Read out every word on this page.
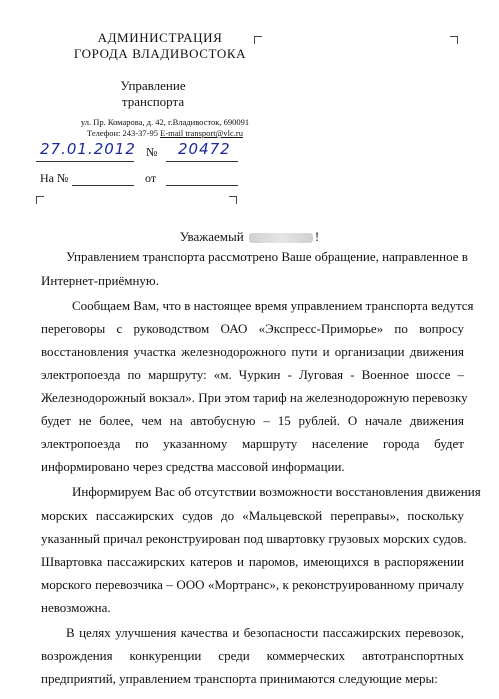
АДМИНИСТРАЦИЯ
ГОРОДА ВЛАДИВОСТОКА
Управление
транспорта
ул. Пр. Комарова, д. 42, г.Владивосток, 690091
Телефон: 243-37-95 E-mail transport@vlc.ru
27.01.2012 № 20472
На №	от
Уважаемый	!
Управлением транспорта рассмотрено Ваше обращение, направленное в
Интернет-приёмную.
Сообщаем Вам, что в настоящее время управлением транспорта ведутся
переговоры с руководством ОАО «Экспресс-Приморье» по вопросу
восстановления участка железнодорожного пути и организации движения
электропоезда по маршруту: «м. Чуркин - Луговая - Военное шоссе –
Железнодорожный вокзал». При этом тариф на железнодорожную перевозку
будет не более, чем на автобусную – 15 рублей. О начале движения
электропоезда по указанному маршруту население города будет
информировано через средства массовой информации.
Информируем Вас об отсутствии возможности восстановления движения
морских пассажирских судов до «Мальцевской переправы», поскольку
указанный причал реконструирован под швартовку грузовых морских судов.
Швартовка пассажирских катеров и паромов, имеющихся в распоряжении
морского перевозчика – ООО «Мортранс», к реконструированному причалу
невозможна.
В целях улучшения качества и безопасности пассажирских перевозок,
возрождения конкуренции среди коммерческих автотранспортных
предприятий, управлением транспорта принимаются следующие меры:
